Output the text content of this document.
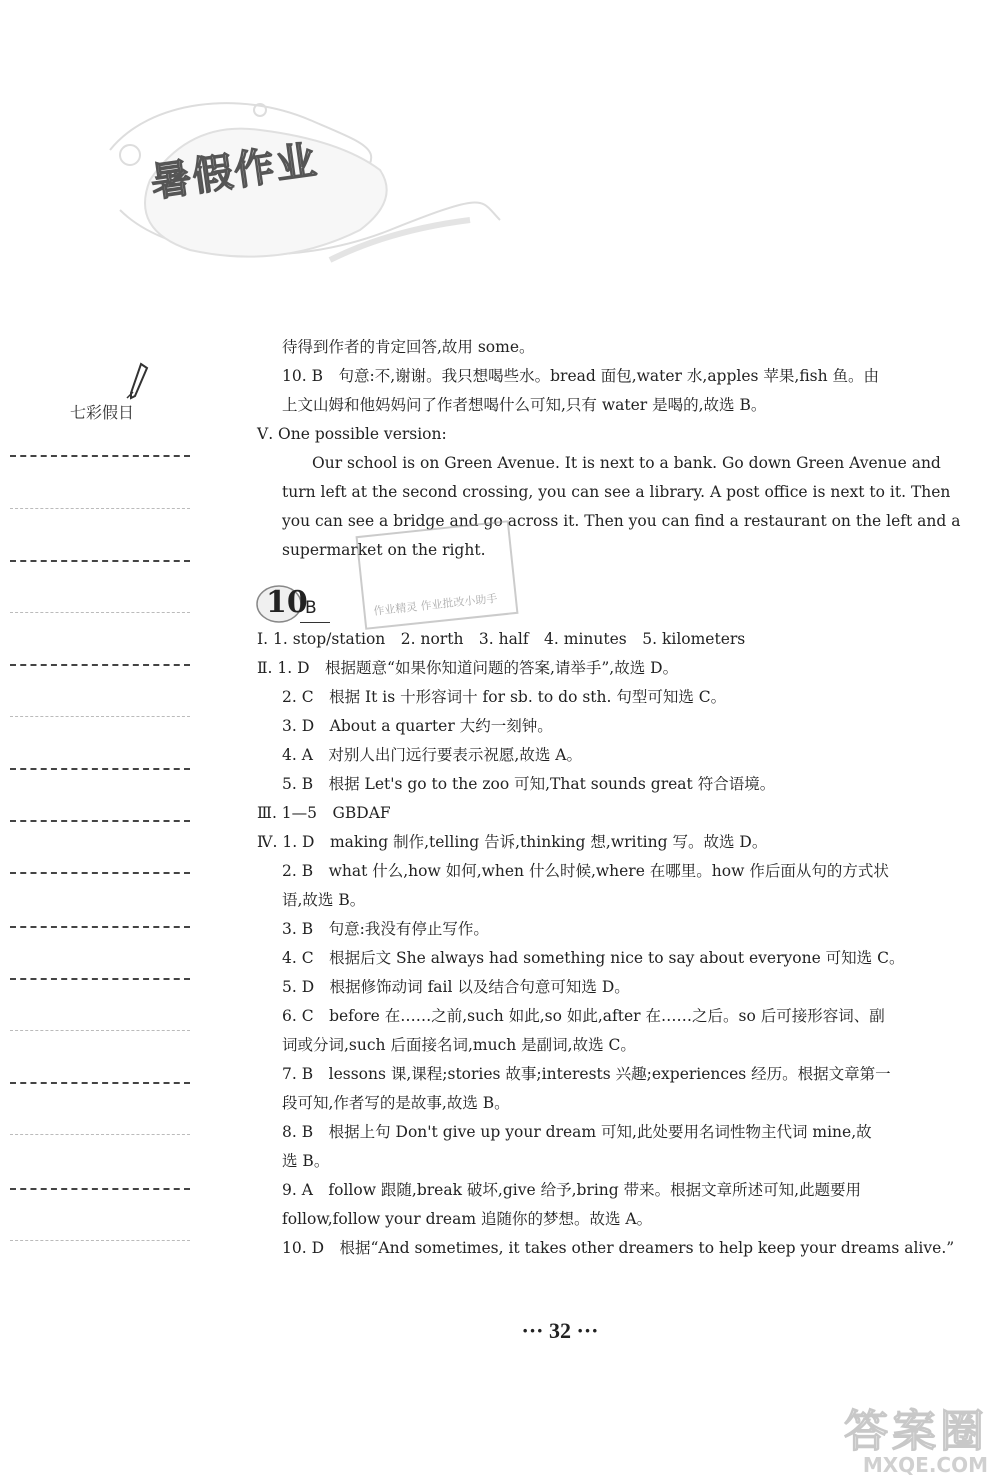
暑假作业
七彩假日
待得到作者的肯定回答,故用 some。
10. B　句意:不,谢谢。我只想喝些水。bread 面包,water 水,apples 苹果,fish 鱼。由
上文山姆和他妈妈问了作者想喝什么可知,只有 water 是喝的,故选 B。
Ⅴ. One possible version:
Our school is on Green Avenue. It is next to a bank. Go down Green Avenue and
turn left at the second crossing, you can see a library. A post office is next to it. Then
you can see a bridge and go across it. Then you can find a restaurant on the left and a
supermarket on the right.
作业精灵 作业批改小助手
10
B
Ⅰ. 1. stop/station　2. north　3. half　4. minutes　5. kilometers
Ⅱ. 1. D　根据题意“如果你知道问题的答案,请举手”,故选 D。
2. C　根据 It is 十形容词十 for sb. to do sth. 句型可知选 C。
3. D　About a quarter 大约一刻钟。
4. A　对别人出门远行要表示祝愿,故选 A。
5. B　根据 Let's go to the zoo 可知,That sounds great 符合语境。
Ⅲ. 1—5　GBDAF
Ⅳ. 1. D　making 制作,telling 告诉,thinking 想,writing 写。故选 D。
2. B　what 什么,how 如何,when 什么时候,where 在哪里。how 作后面从句的方式状
语,故选 B。
3. B　句意:我没有停止写作。
4. C　根据后文 She always had something nice to say about everyone 可知选 C。
5. D　根据修饰动词 fail 以及结合句意可知选 D。
6. C　before 在……之前,such 如此,so 如此,after 在……之后。so 后可接形容词、副
词或分词,such 后面接名词,much 是副词,故选 C。
7. B　lessons 课,课程;stories 故事;interests 兴趣;experiences 经历。根据文章第一
段可知,作者写的是故事,故选 B。
8. B　根据上句 Don't give up your dream 可知,此处要用名词性物主代词 mine,故
选 B。
9. A　follow 跟随,break 破坏,give 给予,bring 带来。根据文章所述可知,此题要用
follow,follow your dream 追随你的梦想。故选 A。
10. D　根据“And sometimes, it takes other dreamers to help keep your dreams alive.”
··· 32 ···
答案圈
MXQE.COM
